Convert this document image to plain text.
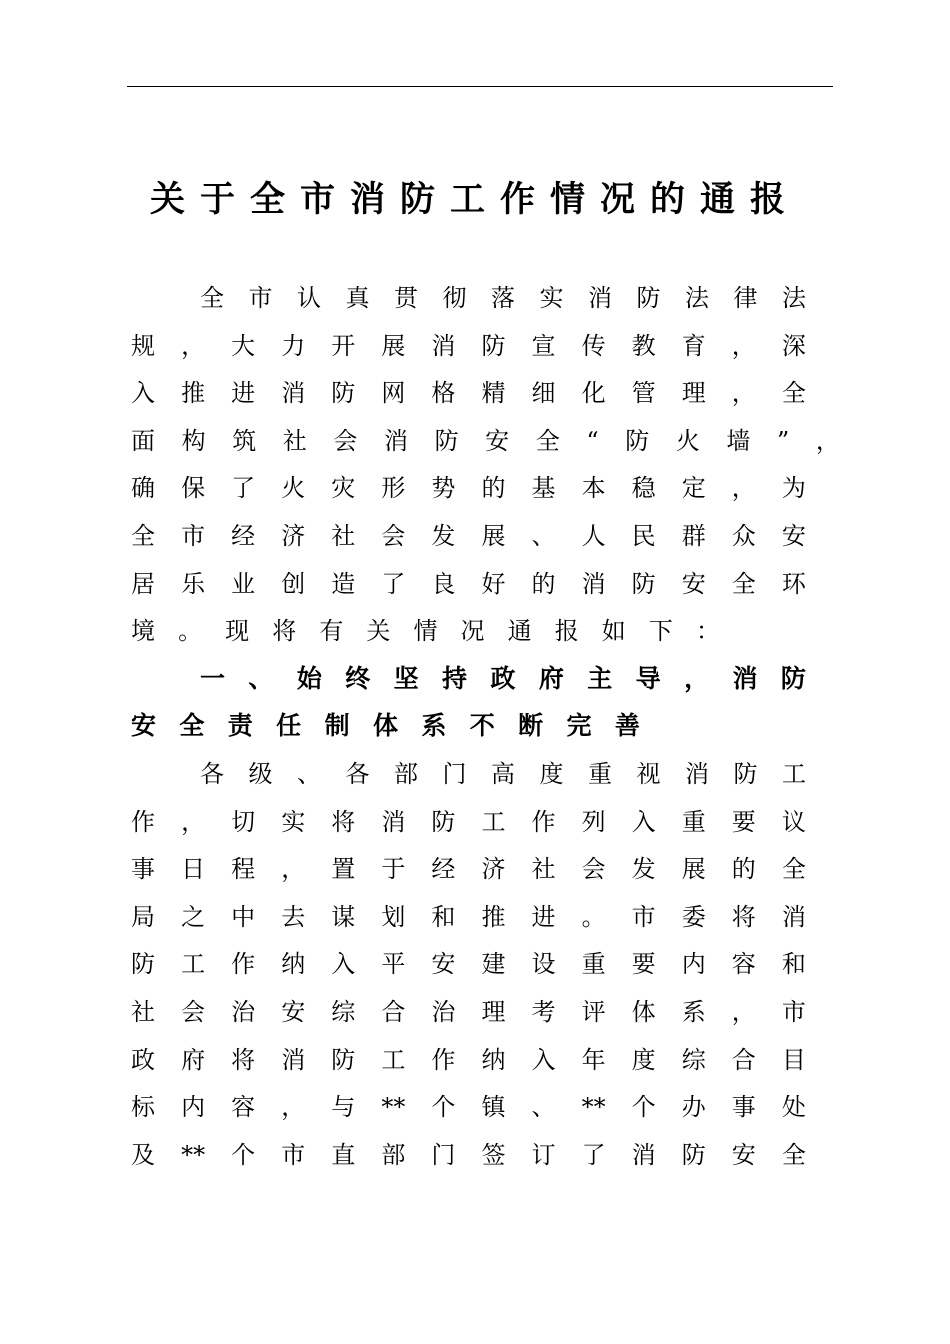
关于全市消防工作情况的通报
全 市 认 真 贯 彻 落 实 消 防 法 律 法
规 ， 大 力 开 展 消 防 宣 传 教 育 ， 深
入 推 进 消 防 网 格 精 细 化 管 理 ， 全
面 构 筑 社 会 消 防 安 全 “ 防 火 墙 ” ，
确 保 了 火 灾 形 势 的 基 本 稳 定 ， 为
全 市 经 济 社 会 发 展 、 人 民 群 众 安
居 乐 业 创 造 了 良 好 的 消 防 安 全 环
境 。 现 将 有 关 情 况 通 报 如 下 ：
一 、 始 终 坚 持 政 府 主 导 ， 消 防
安 全 责 任 制 体 系 不 断 完 善
各 级 、 各 部 门 高 度 重 视 消 防 工
作 ， 切 实 将 消 防 工 作 列 入 重 要 议
事 日 程 ， 置 于 经 济 社 会 发 展 的 全
局 之 中 去 谋 划 和 推 进 。 市 委 将 消
防 工 作 纳 入 平 安 建 设 重 要 内 容 和
社 会 治 安 综 合 治 理 考 评 体 系 ， 市
政 府 将 消 防 工 作 纳 入 年 度 综 合 目
标 内 容 ， 与 ** 个 镇 、 ** 个 办 事 处
及 ** 个 市 直 部 门 签 订 了 消 防 安 全
